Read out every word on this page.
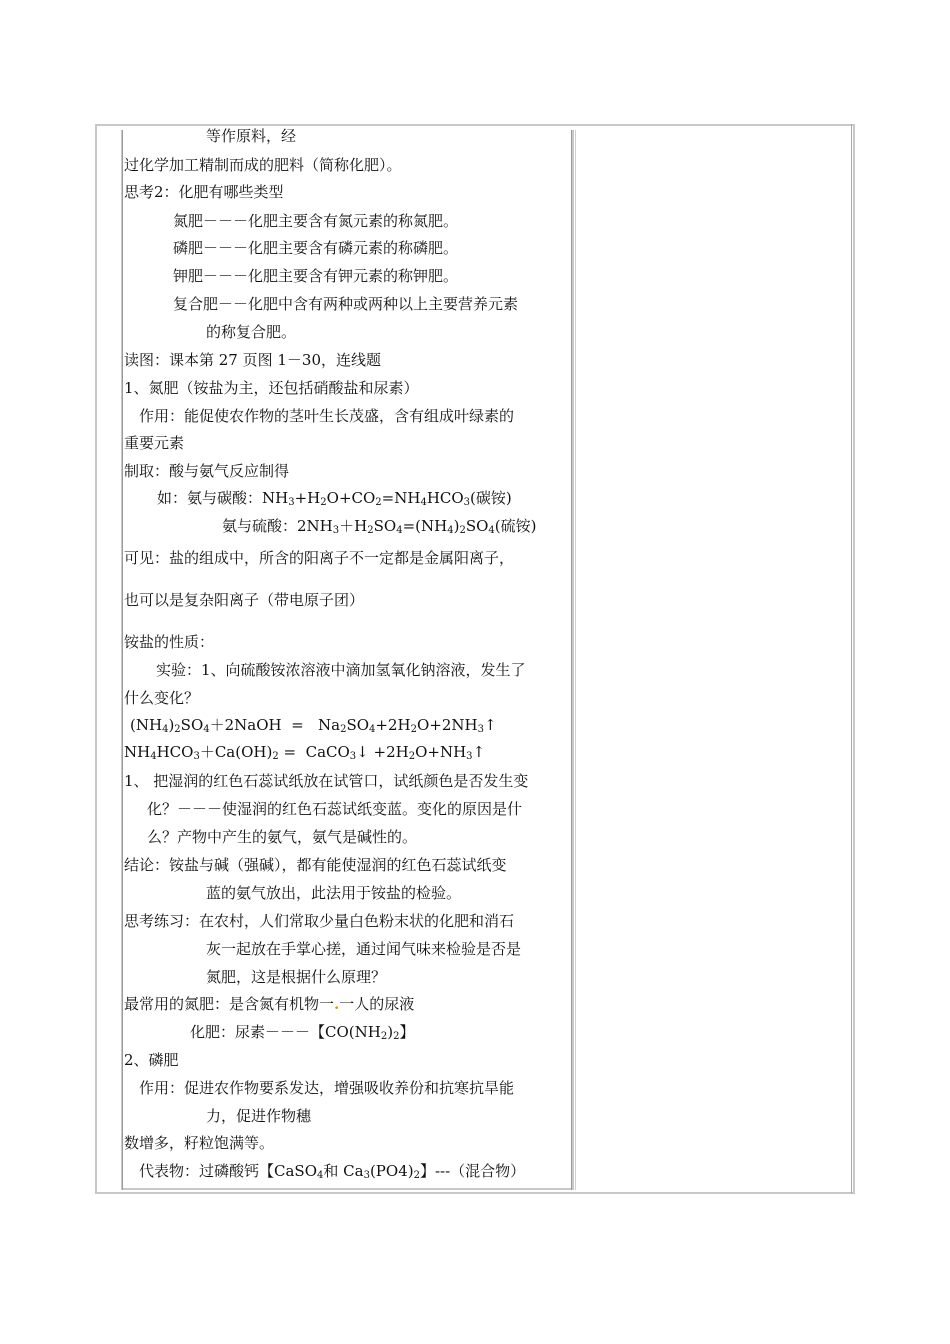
等作原料，经
过化学加工精制而成的肥料（简称化肥）。
思考2：化肥有哪些类型
氮肥－－－化肥主要含有氮元素的称氮肥。
磷肥－－－化肥主要含有磷元素的称磷肥。
钾肥－－－化肥主要含有钾元素的称钾肥。
复合肥－－化肥中含有两种或两种以上主要营养元素
的称复合肥。
读图：课本第 27 页图 1－30，连线题
1、氮肥（铵盐为主，还包括硝酸盐和尿素）
作用：能促使农作物的茎叶生长茂盛，含有组成叶绿素的
重要元素
制取：酸与氨气反应制得
如：氨与碳酸：$NH_3+H_2O+CO_2=NH_4HCO_3$(碳铵)
氨与硫酸：$2NH_3+H_2SO_4=(NH_4)_2SO_4$(硫铵)
可见：盐的组成中，所含的阳离子不一定都是金属阳离子，
也可以是复杂阳离子（带电原子团）
铵盐的性质：
实验：1、向硫酸铵浓溶液中滴加氢氧化钠溶液，发生了
什么变化？
$(NH_4)_2SO_4+2NaOH$  =   $Na_2SO_4+2H_2O+2NH_3↑$
$NH_4HCO_3+Ca(OH)_2$ =  CaCO$_3$↓ $+2H_2O+NH_3↑$
1、 把湿润的红色石蕊试纸放在试管口，试纸颜色是否发生变
化？－－－使湿润的红色石蕊试纸变蓝。变化的原因是什
么？产物中产生的氨气，氨气是碱性的。
结论：铵盐与碱（强碱），都有能使湿润的红色石蕊试纸变
蓝的氨气放出，此法用于铵盐的检验。
思考练习：在农村，人们常取少量白色粉末状的化肥和消石
灰一起放在手掌心搓，通过闻气味来检验是否是
氮肥，这是根据什么原理？
最常用的氮肥：是含氮有机物一.一人的尿液
化肥：尿素－－－【$CO(NH_2)_2$】
2、磷肥
作用：促进农作物要系发达，增强吸收养份和抗寒抗旱能
力，促进作物穗
数增多，籽粒饱满等。
代表物：过磷酸钙【CaSO$_4$和 $Ca_3(PO4)_2$】---（混合物）
